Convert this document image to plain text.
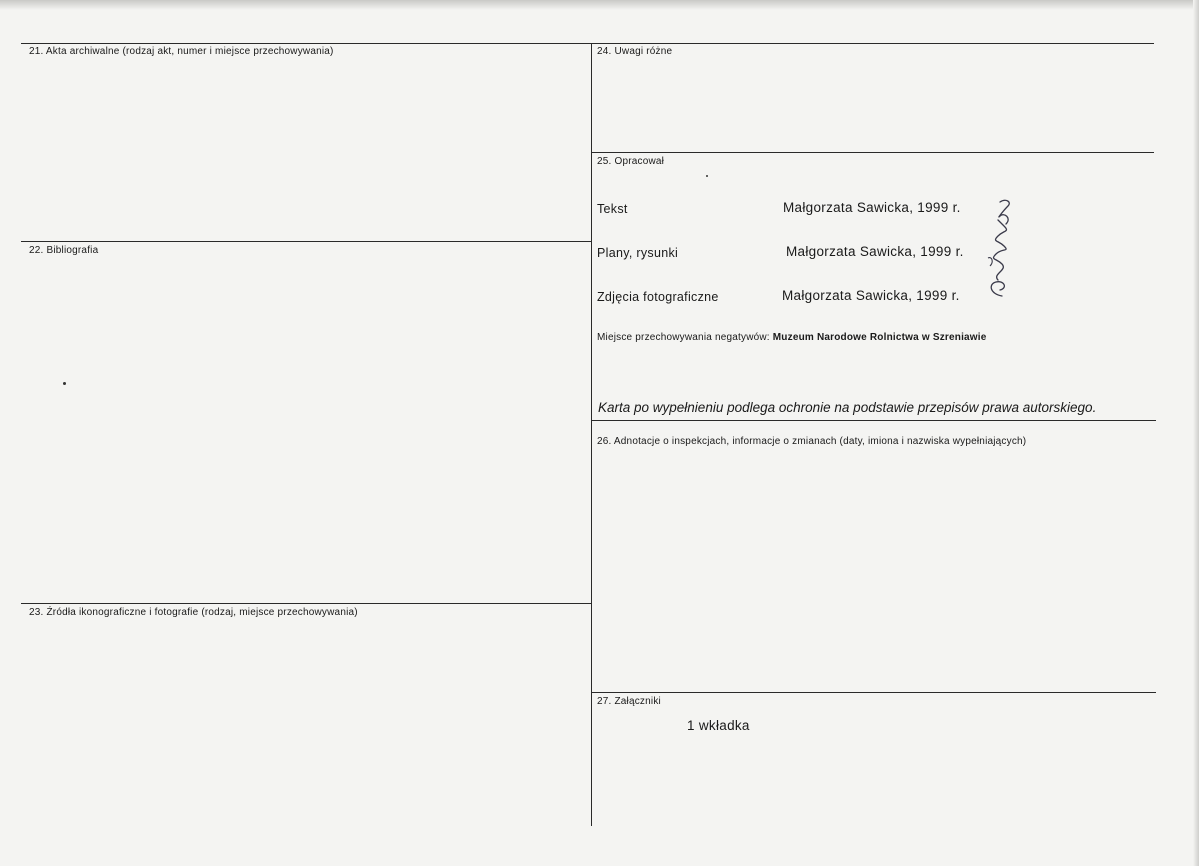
21. Akta archiwalne (rodzaj akt, numer i miejsce przechowywania)
22. Bibliografia
23. Źródła ikonograficzne i fotografie (rodzaj, miejsce przechowywania)
24. Uwagi różne
25. Opracował
Tekst	Małgorzata Sawicka, 1999 r.
Plany, rysunki	Małgorzata Sawicka, 1999 r.
Zdjęcia fotograficzne	Małgorzata Sawicka, 1999 r.
Miejsce przechowywania negatywów: Muzeum Narodowe Rolnictwa w Szreniawie
Karta po wypełnieniu podlega ochronie na podstawie przepisów prawa autorskiego.
26. Adnotacje o inspekcjach, informacje o zmianach (daty, imiona i nazwiska wypełniających)
27. Załączniki
1 wkładka
